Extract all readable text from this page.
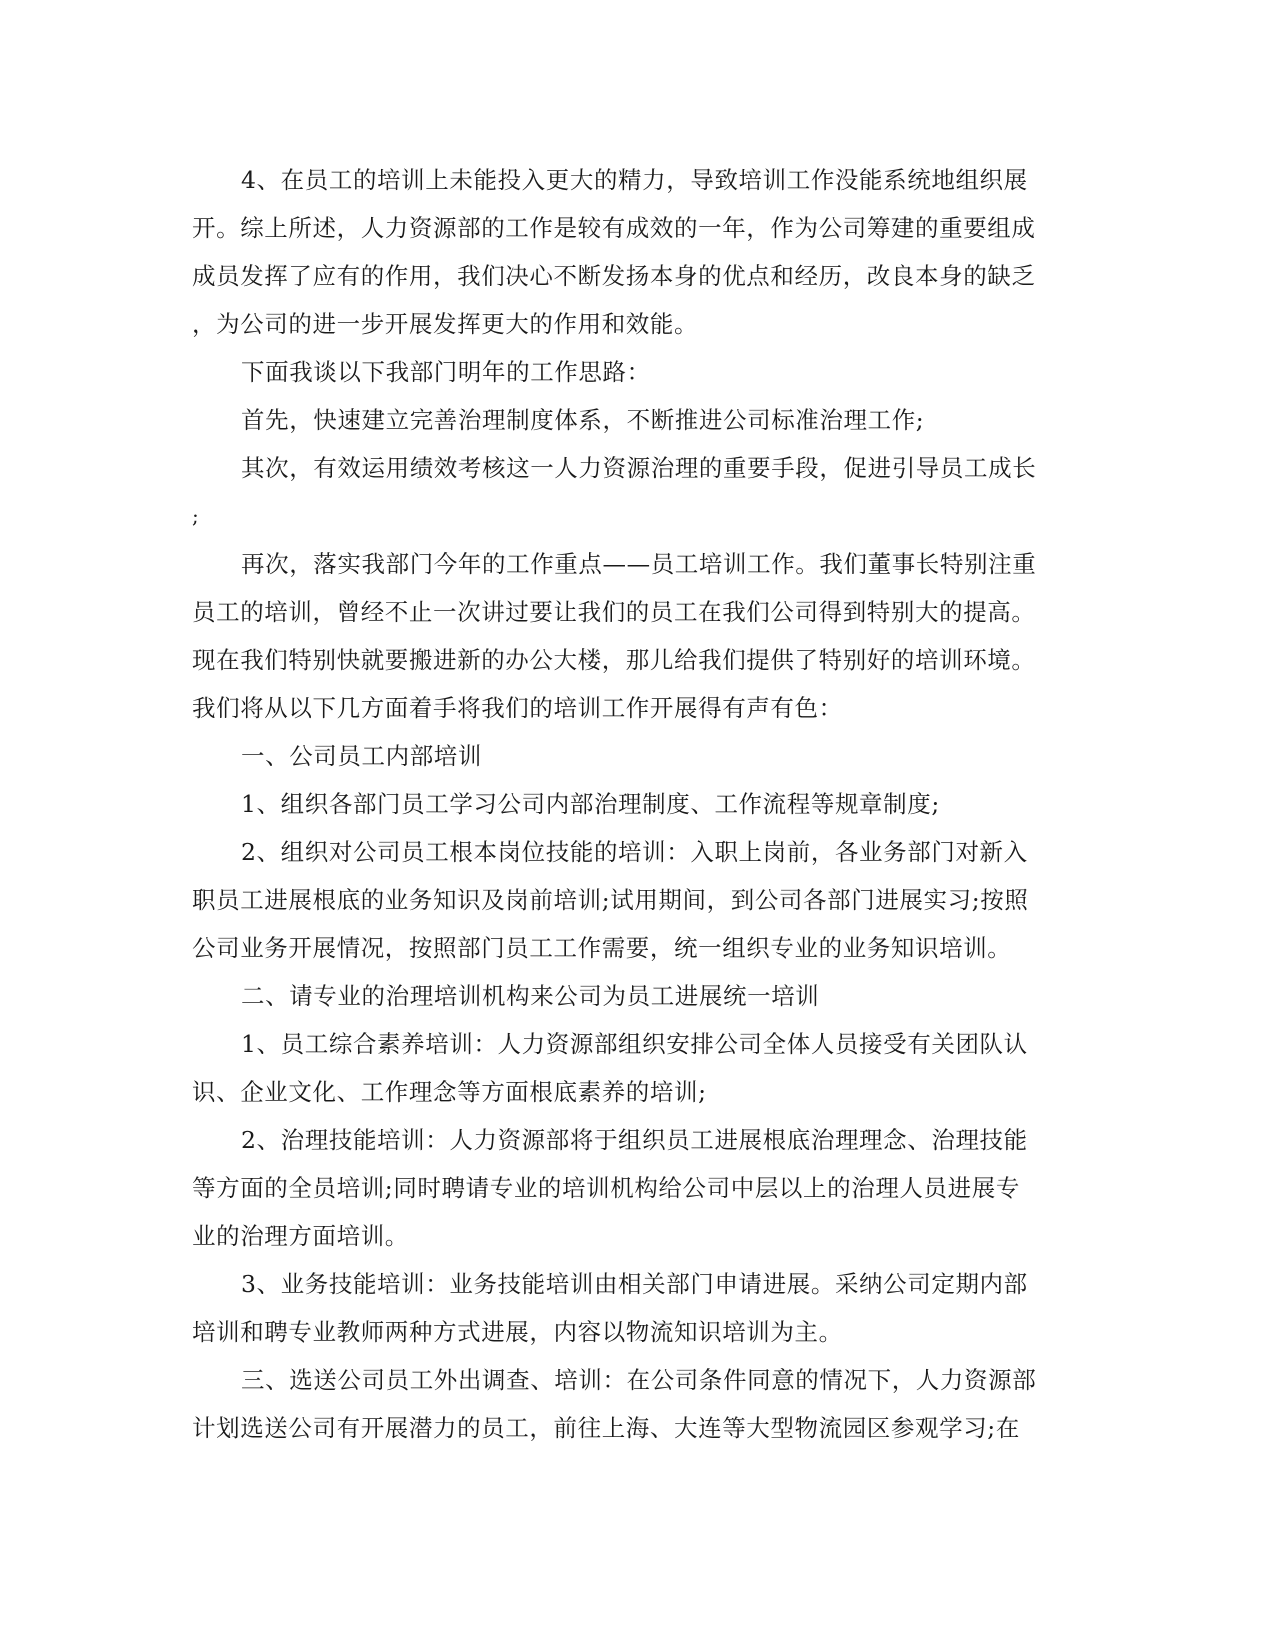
4、在员工的培训上未能投入更大的精力，导致培训工作没能系统地组织展
开。综上所述，人力资源部的工作是较有成效的一年，作为公司筹建的重要组成
成员发挥了应有的作用，我们决心不断发扬本身的优点和经历，改良本身的缺乏
，为公司的进一步开展发挥更大的作用和效能。
下面我谈以下我部门明年的工作思路：
首先，快速建立完善治理制度体系，不断推进公司标准治理工作;
其次，有效运用绩效考核这一人力资源治理的重要手段，促进引导员工成长
;
再次，落实我部门今年的工作重点——员工培训工作。我们董事长特别注重
员工的培训，曾经不止一次讲过要让我们的员工在我们公司得到特别大的提高。
现在我们特别快就要搬进新的办公大楼，那儿给我们提供了特别好的培训环境。
我们将从以下几方面着手将我们的培训工作开展得有声有色：
一、公司员工内部培训
1、组织各部门员工学习公司内部治理制度、工作流程等规章制度;
2、组织对公司员工根本岗位技能的培训：入职上岗前，各业务部门对新入
职员工进展根底的业务知识及岗前培训;试用期间，到公司各部门进展实习;按照
公司业务开展情况，按照部门员工工作需要，统一组织专业的业务知识培训。
二、请专业的治理培训机构来公司为员工进展统一培训
1、员工综合素养培训：人力资源部组织安排公司全体人员接受有关团队认
识、企业文化、工作理念等方面根底素养的培训;
2、治理技能培训：人力资源部将于组织员工进展根底治理理念、治理技能
等方面的全员培训;同时聘请专业的培训机构给公司中层以上的治理人员进展专
业的治理方面培训。
3、业务技能培训：业务技能培训由相关部门申请进展。采纳公司定期内部
培训和聘专业教师两种方式进展，内容以物流知识培训为主。
三、选送公司员工外出调查、培训：在公司条件同意的情况下，人力资源部
计划选送公司有开展潜力的员工，前往上海、大连等大型物流园区参观学习;在
